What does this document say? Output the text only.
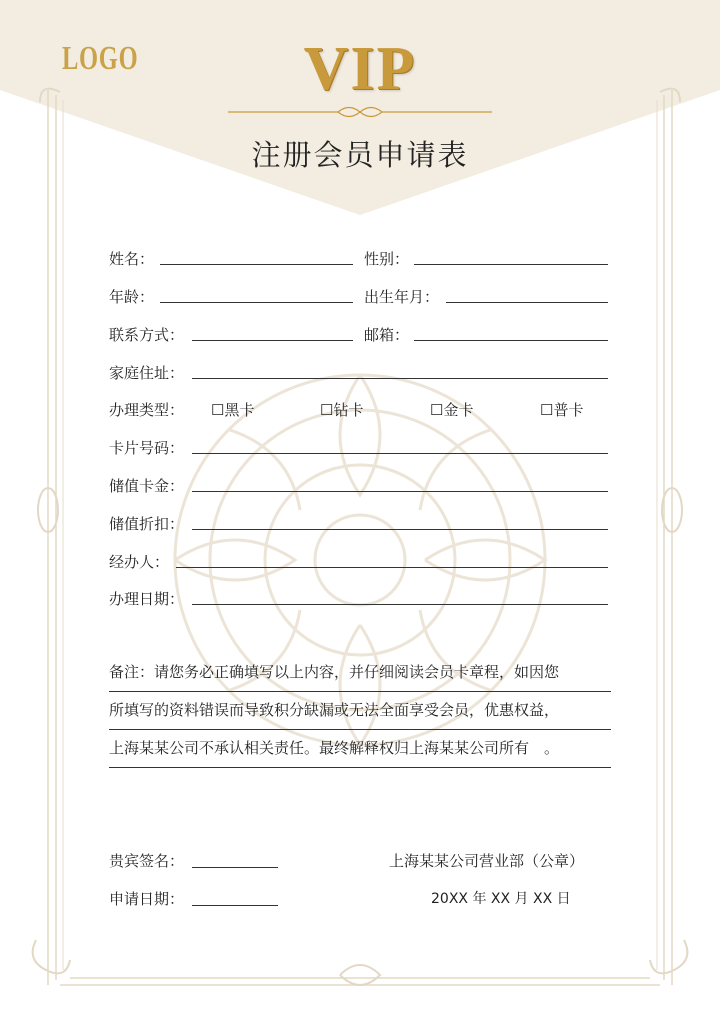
LOGO	VIP
注册会员申请表
姓名：	性别：
年龄：	出生年月：
联系方式：	邮箱：
家庭住址：
办理类型： ☐黑卡	☐钻卡	☐金卡	☐普卡
卡片号码：
储值卡金：
储值折扣：
经办人：
办理日期：
备注：请您务必正确填写以上内容，并仔细阅读会员卡章程，如因您
所填写的资料错误而导致积分缺漏或无法全面享受会员，优惠权益，
上海某某公司不承认相关责任。最终解释权归上海某某公司所有　。
贵宾签名：	上海某某公司营业部（公章）
申请日期：	20XX 年 XX 月 XX 日
